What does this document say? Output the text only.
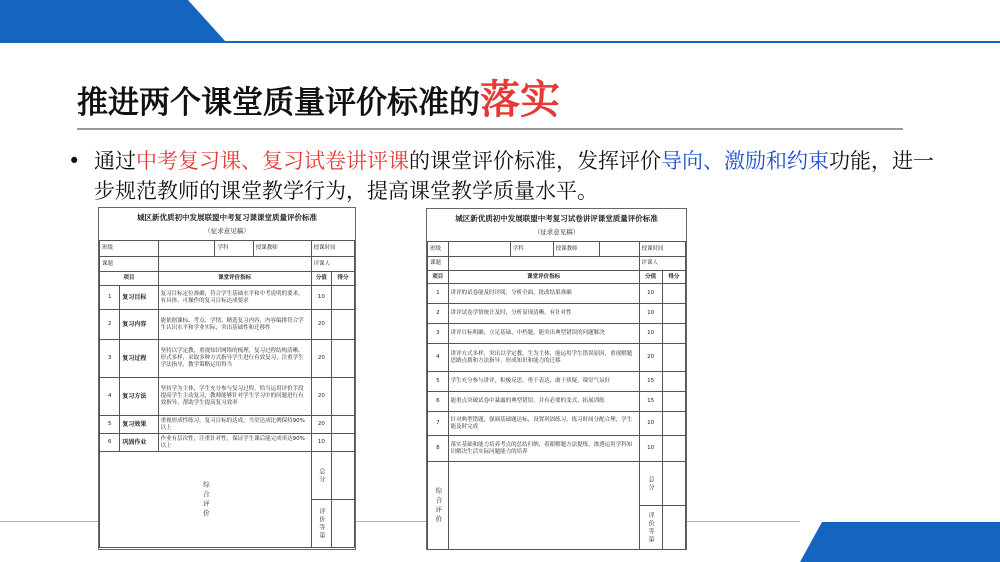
推进两个课堂质量评价标准的落实
• 通过中考复习课、复习试卷讲评课的课堂评价标准，发挥评价导向、激励和约束功能，进一步规范教师的课堂教学行为，提高课堂教学质量水平。
城区新优质初中发展联盟中考复习课课堂质量评价标准
（征求意见稿）
班级	
		学科	授课教师
		授课时间
课题		评课人
项目	课堂评价指标	分值	得分
1	复习目标	复习目标定位准确，符合学生基础水平和中考说明的要求，有具体、可操作的复习目标达成要求	10	
2	复习内容	能依据课标、考点、学情，精选复习内容，内容编排符合学生认识水平和学业实际，突出基础性和迁移性	20	
3	复习过程	坚持以学定教，重视知识网络的梳理，复习过程结构清晰、形式多样，采取多种方式指导学生进行有效复习，注重学生学法指导，教学策略运用得当	20	
4	复习方法	坚持学为主体，学生充分参与复习过程，恰当运用评价手段提高学生主动复习，教师能够针对学生学习中的问题进行有效指导，帮助学生提高复习效率	20	
5	复习效果	重视形成性练习，复习目标的达成，当堂达成比例保持90%以上	20	
6	巩固作业	作业有层次性，注重针对性，保证学生课后能完成率达90%以上	10	

综合评价

总分

评价等第

城区新优质初中发展联盟中考复习试卷讲评课堂质量评价标准
（征求意见稿）
班级	
		学科	授课教师	
		授课时间
课题		评课人
项目	课堂评价指标	分值	得分
1	讲评的试卷能及时评阅，分析全面，批改结果准确	10	
2	讲评试卷学情统计及时，分析显现清晰，有针对性	10	
3	讲评目标明确，立足基础、中档题，能突出典型错误的问题解决	10	
4	讲评方式多样，突出以学定教，生为主体，能运用学生错误原因，重视解题思路点拨和方法指导，形成知识和能力的迁移	20	
5	学生充分参与讲评，积极反思，勇于表达，敢于质疑，课堂气氛好	15	
6	能重点突破试卷中暴露的典型错误，并有必要的变式、拓展训练	15	
7	针对典型错题，强调基础题达标，设置巩固练习，练习时间分配合理，学生能及时完成	10	
8	落实基础和能力培养考点的总结归纳，着眼解题方法提炼，渗透运用学科知识解决生活实际问题能力的培养	10	

综合评价

总分

评价等第
